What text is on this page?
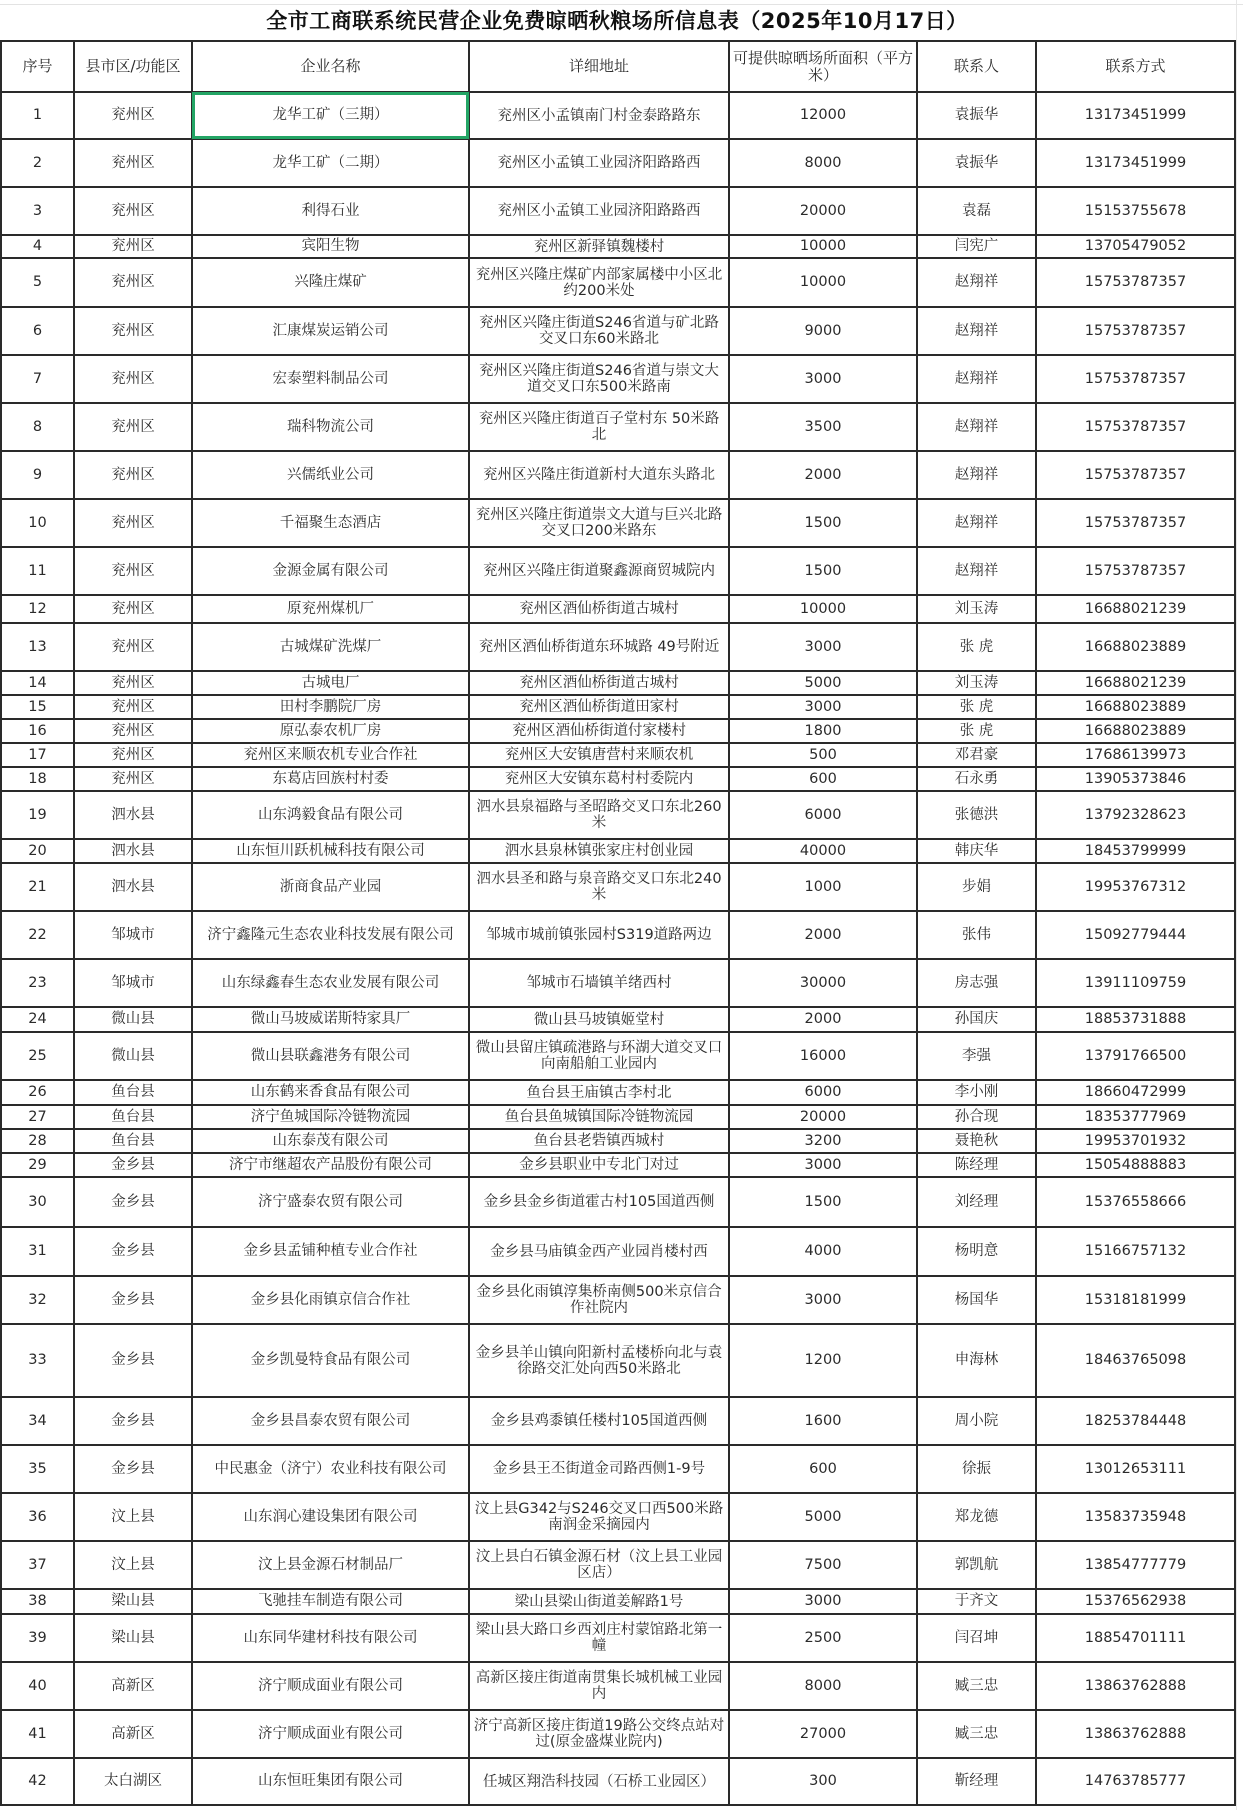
全市工商联系统民营企业免费晾晒秋粮场所信息表（2025年10月17日）
序号	县市区/功能区	企业名称	详细地址	可提供晾晒场所面积（平方米）	联系人	联系方式
1	兖州区	龙华工矿（三期）	兖州区小孟镇南门村金泰路路东	12000	袁振华	13173451999
2	兖州区	龙华工矿（二期）	兖州区小孟镇工业园济阳路路西	8000	袁振华	13173451999
3	兖州区	利得石业	兖州区小孟镇工业园济阳路路西	20000	袁磊	15153755678
4	兖州区	宾阳生物	兖州区新驿镇魏楼村	10000	闫宪广	13705479052
5	兖州区	兴隆庄煤矿	兖州区兴隆庄煤矿内部家属楼中小区北约200米处	10000	赵翔祥	15753787357
6	兖州区	汇康煤炭运销公司	兖州区兴隆庄街道S246省道与矿北路交叉口东60米路北	9000	赵翔祥	15753787357
7	兖州区	宏泰塑料制品公司	兖州区兴隆庄街道S246省道与崇文大道交叉口东500米路南	3000	赵翔祥	15753787357
8	兖州区	瑞科物流公司	兖州区兴隆庄街道百子堂村东 50米路北	3500	赵翔祥	15753787357
9	兖州区	兴儒纸业公司	兖州区兴隆庄街道新村大道东头路北	2000	赵翔祥	15753787357
10	兖州区	千福聚生态酒店	兖州区兴隆庄街道崇文大道与巨兴北路交叉口200米路东	1500	赵翔祥	15753787357
11	兖州区	金源金属有限公司	兖州区兴隆庄街道聚鑫源商贸城院内	1500	赵翔祥	15753787357
12	兖州区	原兖州煤机厂	兖州区酒仙桥街道古城村	10000	刘玉涛	16688021239
13	兖州区	古城煤矿洗煤厂	兖州区酒仙桥街道东环城路 49号附近	3000	张 虎	16688023889
14	兖州区	古城电厂	兖州区酒仙桥街道古城村	5000	刘玉涛	16688021239
15	兖州区	田村李鹏院厂房	兖州区酒仙桥街道田家村	3000	张 虎	16688023889
16	兖州区	原弘泰农机厂房	兖州区酒仙桥街道付家楼村	1800	张 虎	16688023889
17	兖州区	兖州区来顺农机专业合作社	兖州区大安镇唐营村来顺农机	500	邓君豪	17686139973
18	兖州区	东葛店回族村村委	兖州区大安镇东葛村村委院内	600	石永勇	13905373846
19	泗水县	山东鸿毅食品有限公司	泗水县泉福路与圣昭路交叉口东北260米	6000	张德洪	13792328623
20	泗水县	山东恒川跃机械科技有限公司	泗水县泉林镇张家庄村创业园	40000	韩庆华	18453799999
21	泗水县	浙商食品产业园	泗水县圣和路与泉音路交叉口东北240米	1000	步娟	19953767312
22	邹城市	济宁鑫隆元生态农业科技发展有限公司	邹城市城前镇张园村S319道路两边	2000	张伟	15092779444
23	邹城市	山东绿鑫春生态农业发展有限公司	邹城市石墙镇羊绪西村	30000	房志强	13911109759
24	微山县	微山马坡威诺斯特家具厂	微山县马坡镇姬堂村	2000	孙国庆	18853731888
25	微山县	微山县联鑫港务有限公司	微山县留庄镇疏港路与环湖大道交叉口向南船舶工业园内	16000	李强	13791766500
26	鱼台县	山东鹤来香食品有限公司	鱼台县王庙镇古李村北	6000	李小刚	18660472999
27	鱼台县	济宁鱼城国际冷链物流园	鱼台县鱼城镇国际冷链物流园	20000	孙合现	18353777969
28	鱼台县	山东泰茂有限公司	鱼台县老砦镇西城村	3200	聂艳秋	19953701932
29	金乡县	济宁市继超农产品股份有限公司	金乡县职业中专北门对过	3000	陈经理	15054888883
30	金乡县	济宁盛泰农贸有限公司	金乡县金乡街道霍古村105国道西侧	1500	刘经理	15376558666
31	金乡县	金乡县孟铺种植专业合作社	金乡县马庙镇金西产业园肖楼村西	4000	杨明意	15166757132
32	金乡县	金乡县化雨镇京信合作社	金乡县化雨镇淳集桥南侧500米京信合作社院内	3000	杨国华	15318181999
33	金乡县	金乡凯曼特食品有限公司	金乡县羊山镇向阳新村孟楼桥向北与袁徐路交汇处向西50米路北	1200	申海林	18463765098
34	金乡县	金乡县昌泰农贸有限公司	金乡县鸡黍镇任楼村105国道西侧	1600	周小院	18253784448
35	金乡县	中民惠金（济宁）农业科技有限公司	金乡县王丕街道金司路西侧1-9号	600	徐振	13012653111
36	汶上县	山东润心建设集团有限公司	汶上县G342与S246交叉口西500米路南润金采摘园内	5000	郑龙德	13583735948
37	汶上县	汶上县金源石材制品厂	汶上县白石镇金源石材（汶上县工业园区店）	7500	郭凯航	13854777779
38	梁山县	飞驰挂车制造有限公司	梁山县梁山街道姜解路1号	3000	于齐文	15376562938
39	梁山县	山东同华建材科技有限公司	梁山县大路口乡西刘庄村蒙馆路北第一幢	2500	闫召坤	18854701111
40	高新区	济宁顺成面业有限公司	高新区接庄街道南贯集长城机械工业园内	8000	臧三忠	13863762888
41	高新区	济宁顺成面业有限公司	济宁高新区接庄街道19路公交终点站对过(原金盛煤业院内)	27000	臧三忠	13863762888
42	太白湖区	山东恒旺集团有限公司	任城区翔浩科技园（石桥工业园区）	300	靳经理	14763785777
